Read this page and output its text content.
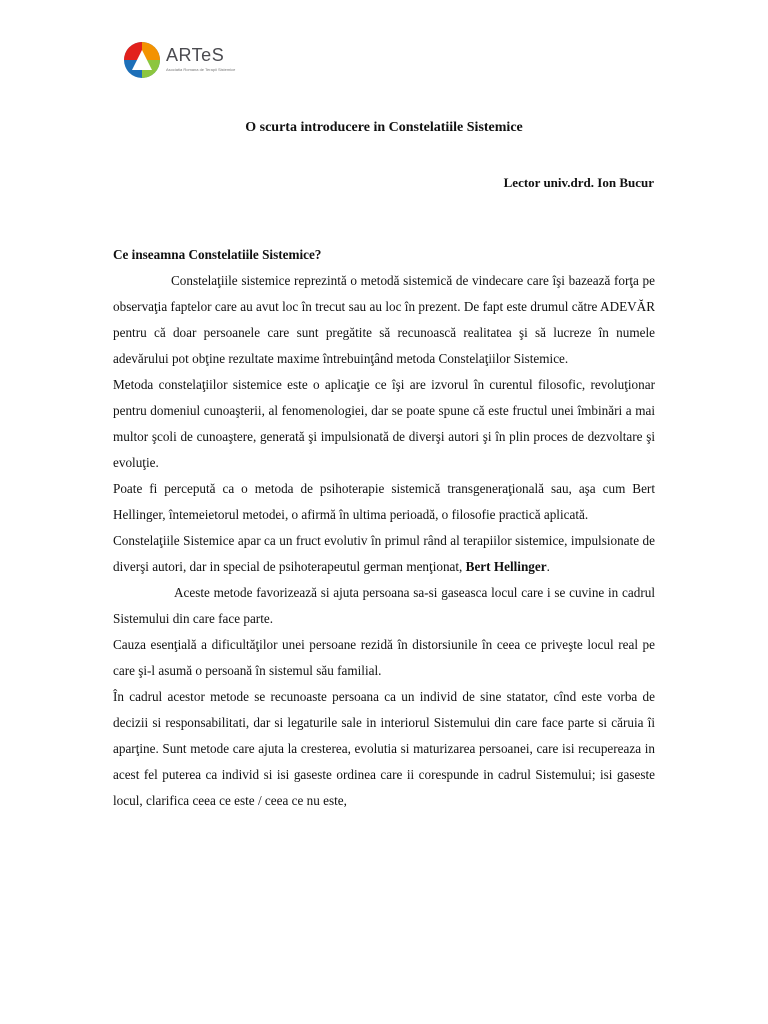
ARTeS
Asociatia Romana de Terapii Sistemice
O scurta introducere in Constelatiile Sistemice
Lector univ.drd. Ion Bucur

Ce inseamna Constelatiile Sistemice?

Constelaţiile sistemice reprezintă o metodă sistemică de vindecare care îşi bazează forţa pe observaţia faptelor care au avut loc în trecut sau au loc în prezent. De fapt este drumul către ADEVĂR pentru că doar persoanele care sunt pregătite să recunoască realitatea şi să lucreze în numele adevărului pot obţine rezultate maxime întrebuinţând metoda Constelaţiilor Sistemice.

Metoda constelaţiilor sistemice este o aplicaţie ce îşi are izvorul în curentul filosofic, revoluţionar pentru domeniul cunoaşterii, al fenomenologiei, dar se poate spune că este fructul unei îmbinări a mai multor şcoli de cunoaştere, generată şi impulsionată de diverşi autori şi în plin proces de dezvoltare şi evoluţie.

Poate fi percepută ca o metoda de psihoterapie sistemică transgeneraţională sau, aşa cum Bert Hellinger, întemeietorul metodei, o afirmă în ultima perioadă, o filosofie practică aplicată.

Constelaţiile Sistemice apar ca un fruct evolutiv în primul rând al terapiilor sistemice, impulsionate de diverşi autori, dar in special de psihoterapeutul german menţionat, Bert Hellinger.

Aceste metode favorizează si ajuta persoana sa-si gaseasca locul care i se cuvine in cadrul Sistemului din care face parte.

Cauza esenţială a dificultăţilor unei persoane rezidă în distorsiunile în ceea ce priveşte locul real pe care şi-l asumă o persoană în sistemul său familial.

În cadrul acestor metode se recunoaste persoana ca un individ de sine statator, cînd este vorba de decizii si responsabilitati, dar si legaturile sale in interiorul Sistemului din care face parte si căruia îi aparţine. Sunt metode care ajuta la cresterea, evolutia si maturizarea persoanei, care isi recupereaza in acest fel puterea ca individ si isi gaseste ordinea care ii corespunde in cadrul Sistemului; isi gaseste locul, clarifica ceea ce este / ceea ce nu este,
